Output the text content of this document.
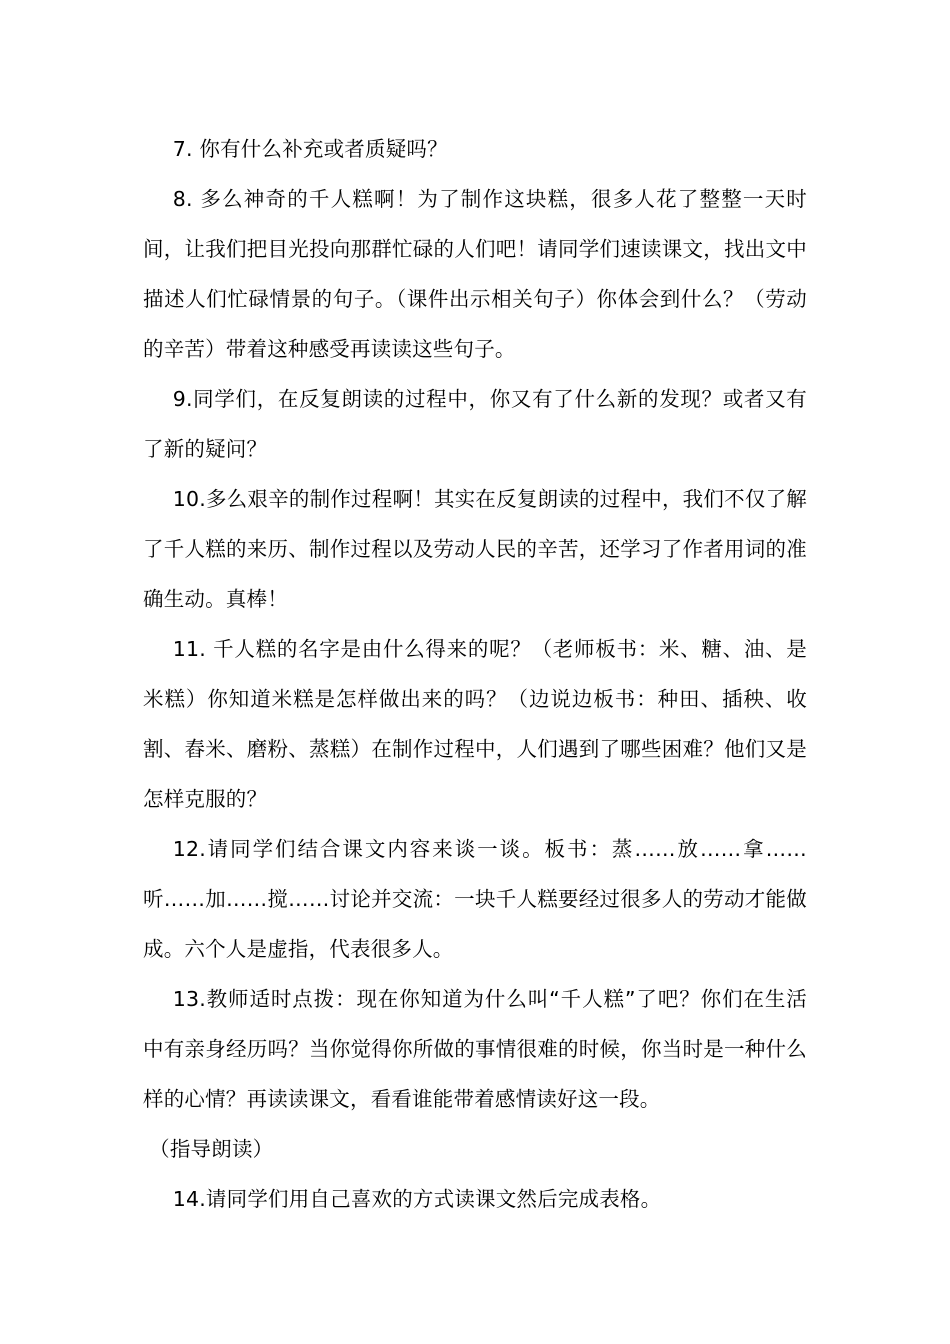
7. 你有什么补充或者质疑吗？

8. 多么神奇的千人糕啊！为了制作这块糕，很多人花了整整一天时间，让我们把目光投向那群忙碌的人们吧！请同学们速读课文，找出文中描述人们忙碌情景的句子。（课件出示相关句子）你体会到什么？（劳动的辛苦）带着这种感受再读读这些句子。

9.同学们，在反复朗读的过程中，你又有了什么新的发现？或者又有了新的疑问？

10.多么艰辛的制作过程啊！其实在反复朗读的过程中，我们不仅了解了千人糕的来历、制作过程以及劳动人民的辛苦，还学习了作者用词的准确生动。真棒！

11. 千人糕的名字是由什么得来的呢？（老师板书：米、糖、油、是米糕）你知道米糕是怎样做出来的吗？（边说边板书：种田、插秧、收割、舂米、磨粉、蒸糕）在制作过程中，人们遇到了哪些困难？他们又是怎样克服的？

12.请同学们结合课文内容来谈一谈。板书：蒸……放……拿……听……加……搅……讨论并交流：一块千人糕要经过很多人的劳动才能做成。六个人是虚指，代表很多人。

13.教师适时点拨：现在你知道为什么叫“千人糕”了吧？你们在生活中有亲身经历吗？当你觉得你所做的事情很难的时候，你当时是一种什么样的心情？再读读课文，看看谁能带着感情读好这一段。

（指导朗读）

14.请同学们用自己喜欢的方式读课文然后完成表格。
